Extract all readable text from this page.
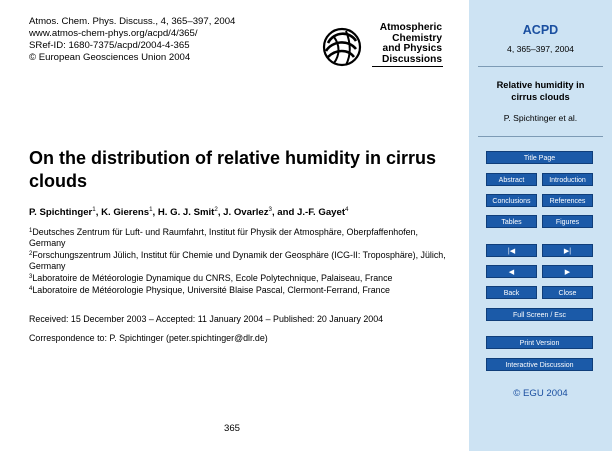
Atmos. Chem. Phys. Discuss., 4, 365–397, 2004
www.atmos-chem-phys.org/acpd/4/365/
SRef-ID: 1680-7375/acpd/2004-4-365
© European Geosciences Union 2004
Atmospheric
Chemistry
and Physics
Discussions
On the distribution of relative humidity in cirrus clouds
P. Spichtinger$^1$, K. Gierens$^1$, H. G. J. Smit$^2$, J. Ovarlez$^3$, and J.-F. Gayet$^4$
$^1$Deutsches Zentrum für Luft- und Raumfahrt, Institut für Physik der Atmosphäre, Oberpfaffenhofen, Germany
$^2$Forschungszentrum Jülich, Institut für Chemie und Dynamik der Geosphäre (ICG-II: Troposphäre), Jülich, Germany
$^3$Laboratoire de Météorologie Dynamique du CNRS, Ecole Polytechnique, Palaiseau, France
$^4$Laboratoire de Météorologie Physique, Université Blaise Pascal, Clermont-Ferrand, France
Received: 15 December 2003 – Accepted: 11 January 2004 – Published: 20 January 2004
Correspondence to: P. Spichtinger (peter.spichtinger@dlr.de)
365
ACPD
4, 365–397, 2004
Relative humidity in cirrus clouds
P. Spichtinger et al.
Title Page
Abstract	Introduction
Conclusions	References
Tables	Figures
|◀	▶|
◀	▶
Back	Close
Full Screen / Esc
Print Version
Interactive Discussion
© EGU 2004
